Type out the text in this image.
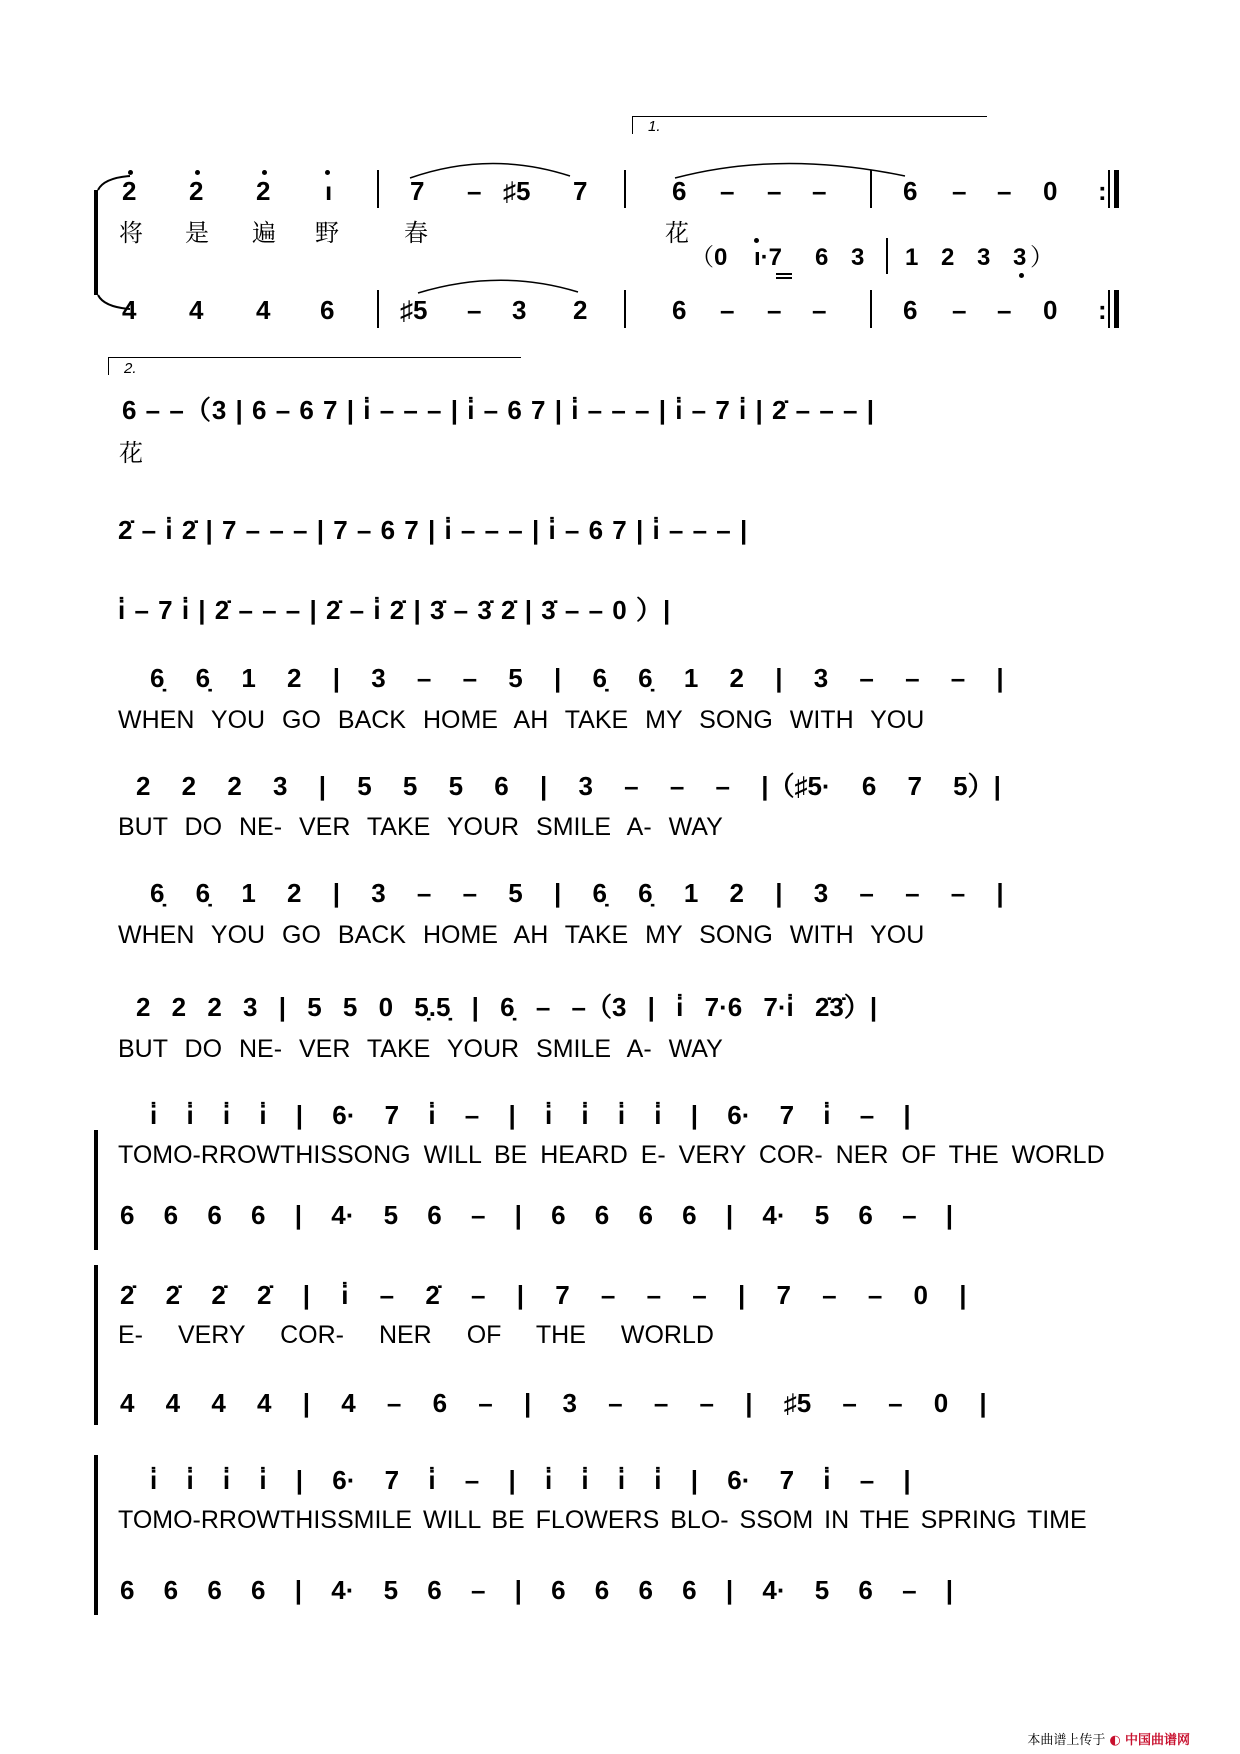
1.
2 2 2 ı	7 – ♯5 7	6 – – –	6 – – 0 :
将 是 遍 野	春	花
（ 0 ı·7 6 3 1 2 3 3 ）
4 4 4 6	♯5 – 3 2	6 – – –	6 – – 0 :
2.
6 – –（3 | 6 – 6 7 | i̇ – – – | i̇ – 6 7 | i̇ – – – | i̇ – 7 i̇ | 2̇ – – – |
花
2̇ – i̇ 2̇ | 7 – – – | 7 – 6 7 | i̇ – – – | i̇ – 6 7 | i̇ – – – |
i̇ – 7 i̇ | 2̇ – – – | 2̇ – i̇ 2̇ | 3̇ – 3̇ 2̇ | 3̇ – – 0 ）|
6̣ 6̣ 1 2 | 3 – – 5 | 6̣ 6̣ 1 2 | 3 – – – |
WHEN YOU GO BACK HOME AH TAKE MY SONG WITH YOU
2 2 2 3 | 5 5 5 6 | 3 – – – |（♯5· 6 7 5）|
BUT DO NE- VER TAKE YOUR SMILE A- WAY
6̣ 6̣ 1 2 | 3 – – 5 | 6̣ 6̣ 1 2 | 3 – – – |
WHEN YOU GO BACK HOME AH TAKE MY SONG WITH YOU
2 2 2 3 | 5 5 0 5̣.5̣ | 6̣ – –（3 | i̇ 7·6 7·i̇ 2̇3̇）|
BUT DO NE- VER TAKE YOUR SMILE A- WAY
i̇ i̇ i̇ i̇ | 6· 7 i̇ – | i̇ i̇ i̇ i̇ | 6· 7 i̇ – |
TOMO-RROWTHISSONG WILL BE HEARD E- VERY COR- NER OF THE WORLD
6 6 6 6 | 4· 5 6 – | 6 6 6 6 | 4· 5 6 – |
2̇ 2̇ 2̇ 2̇ | i̇ – 2̇ – | 7 – – – | 7 – – 0 |
E- VERY COR- NER OF THE WORLD
4 4 4 4 | 4 – 6 – | 3 – – – | ♯5 – – 0 |
i̇ i̇ i̇ i̇ | 6· 7 i̇ – | i̇ i̇ i̇ i̇ | 6· 7 i̇ – |
TOMO-RROWTHISSMILE WILL BE FLOWERS BLO- SSOM IN THE SPRING TIME
6 6 6 6 | 4· 5 6 – | 6 6 6 6 | 4· 5 6 – |
本曲谱上传于 ◐ 中国曲谱网
